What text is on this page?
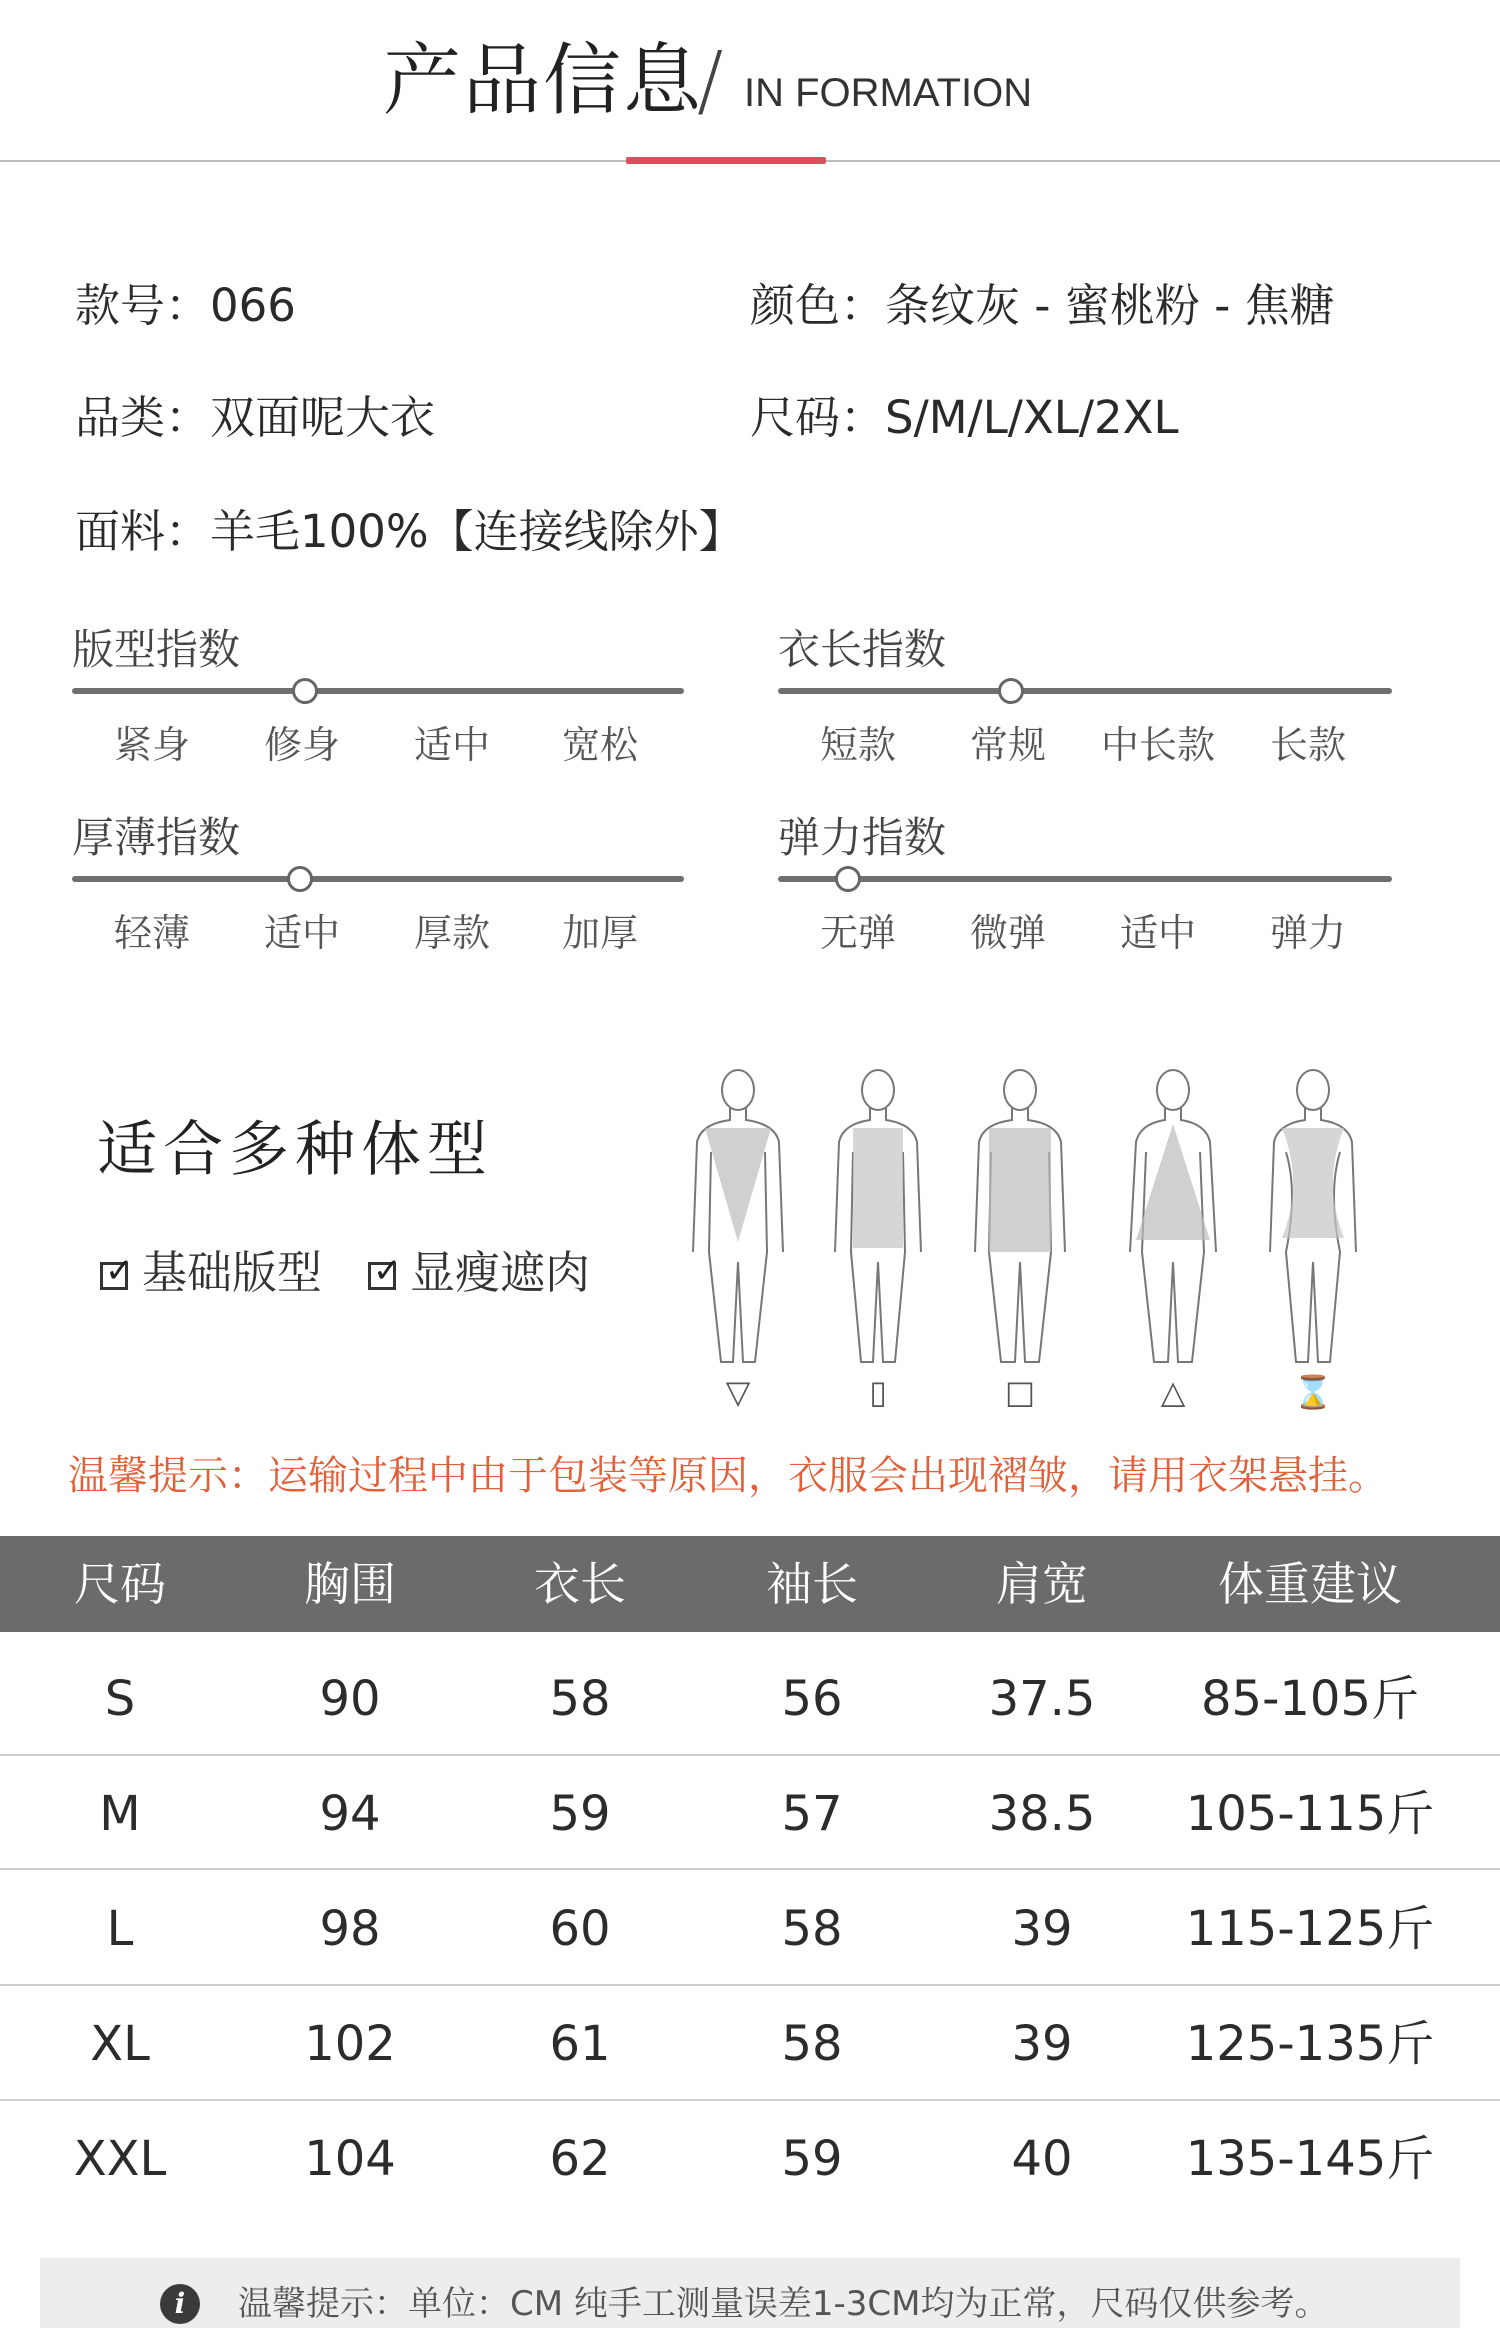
产品信息
/ IN FORMATION
款号：066	颜色：条纹灰 - 蜜桃粉 - 焦糖
品类：双面呢大衣	尺码：S/M/L/XL/2XL
面料：羊毛100%【连接线除外】
版型指数
紧身	修身	适中	宽松
衣长指数
短款	常规	中长款	长款
厚薄指数
轻薄	适中	厚款	加厚
弹力指数
无弹	微弹	适中	弹力
适合多种体型
✓基础版型
✓	显瘦遮肉
▽	▯	□	△	⌛
温馨提示：运输过程中由于包装等原因，衣服会出现褶皱，请用衣架悬挂。
尺码	胸围	衣长	袖长	肩宽	体重建议
S	90	58	56	37.5	85-105斤
M	94	59	57	38.5	105-115斤
L	98	60	58	39	115-125斤
XL	102	61	58	39	125-135斤
XXL	104	62	59	40	135-145斤
i	温馨提示：单位：CM 纯手工测量误差1-3CM均为正常，尺码仅供参考。
